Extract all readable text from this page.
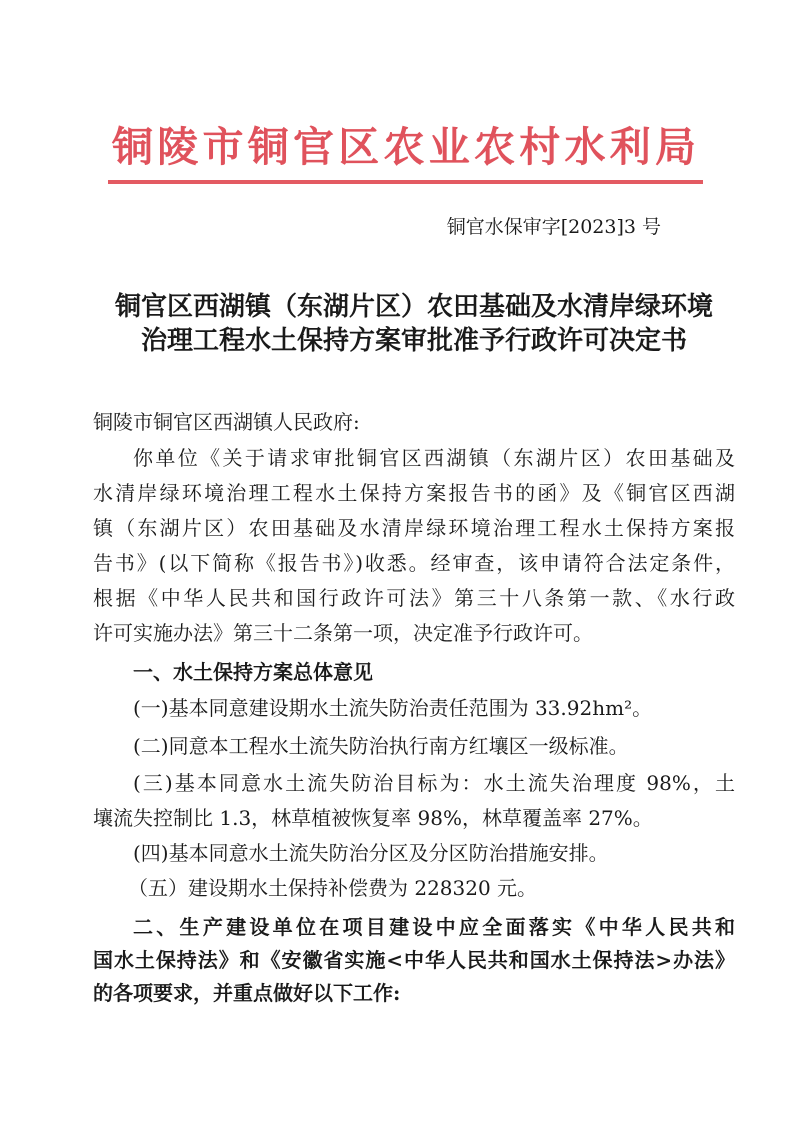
铜陵市铜官区农业农村水利局
铜官水保审字[2023]3 号
铜官区西湖镇（东湖片区）农田基础及水清岸绿环境
治理工程水土保持方案审批准予行政许可决定书
铜陵市铜官区西湖镇人民政府:
你单位《关于请求审批铜官区西湖镇（东湖片区）农田基础及
水清岸绿环境治理工程水土保持方案报告书的函》及《铜官区西湖
镇（东湖片区）农田基础及水清岸绿环境治理工程水土保持方案报
告书》(以下简称《报告书》)收悉。经审查，该申请符合法定条件，
根据《中华人民共和国行政许可法》第三十八条第一款、《水行政
许可实施办法》第三十二条第一项，决定准予行政许可。
一、水土保持方案总体意见
(一)基本同意建设期水土流失防治责任范围为 33.92hm²。
(二)同意本工程水土流失防治执行南方红壤区一级标准。
(三)基本同意水土流失防治目标为：水土流失治理度 98%，土
壤流失控制比 1.3，林草植被恢复率 98%，林草覆盖率 27%。
(四)基本同意水土流失防治分区及分区防治措施安排。
（五）建设期水土保持补偿费为 228320 元。
二、生产建设单位在项目建设中应全面落实《中华人民共和
国水土保持法》和《安徽省实施<中华人民共和国水土保持法>办法》
的各项要求，并重点做好以下工作:
